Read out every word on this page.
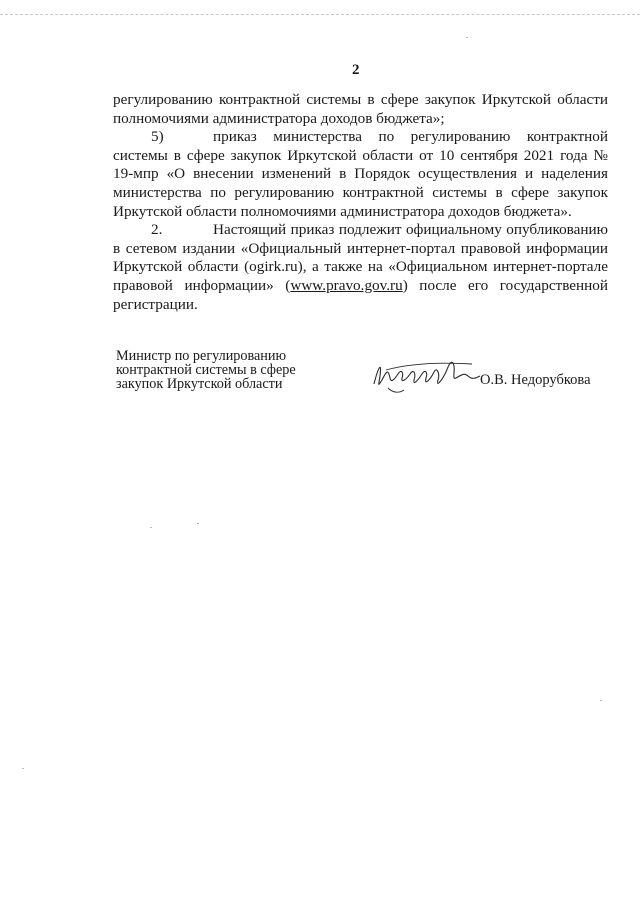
2

регулированию контрактной системы в сфере закупок Иркутской области полномочиями администратора доходов бюджета»;

5)	приказ министерства по регулированию контрактной системы в сфере закупок Иркутской области от 10 сентября 2021 года № 19-мпр «О внесении изменений в Порядок осуществления и наделения министерства по регулированию контрактной системы в сфере закупок Иркутской области полномочиями администратора доходов бюджета».

2.	Настоящий приказ подлежит официальному опубликованию в сетевом издании «Официальный интернет-портал правовой информации Иркутской области (ogirk.ru), а также на «Официальном интернет-портале правовой информации» (www.pravo.gov.ru) после его государственной регистрации.

Министр по регулированию
контрактной системы в сфере
закупок Иркутской области	О.В. Недорубкова
